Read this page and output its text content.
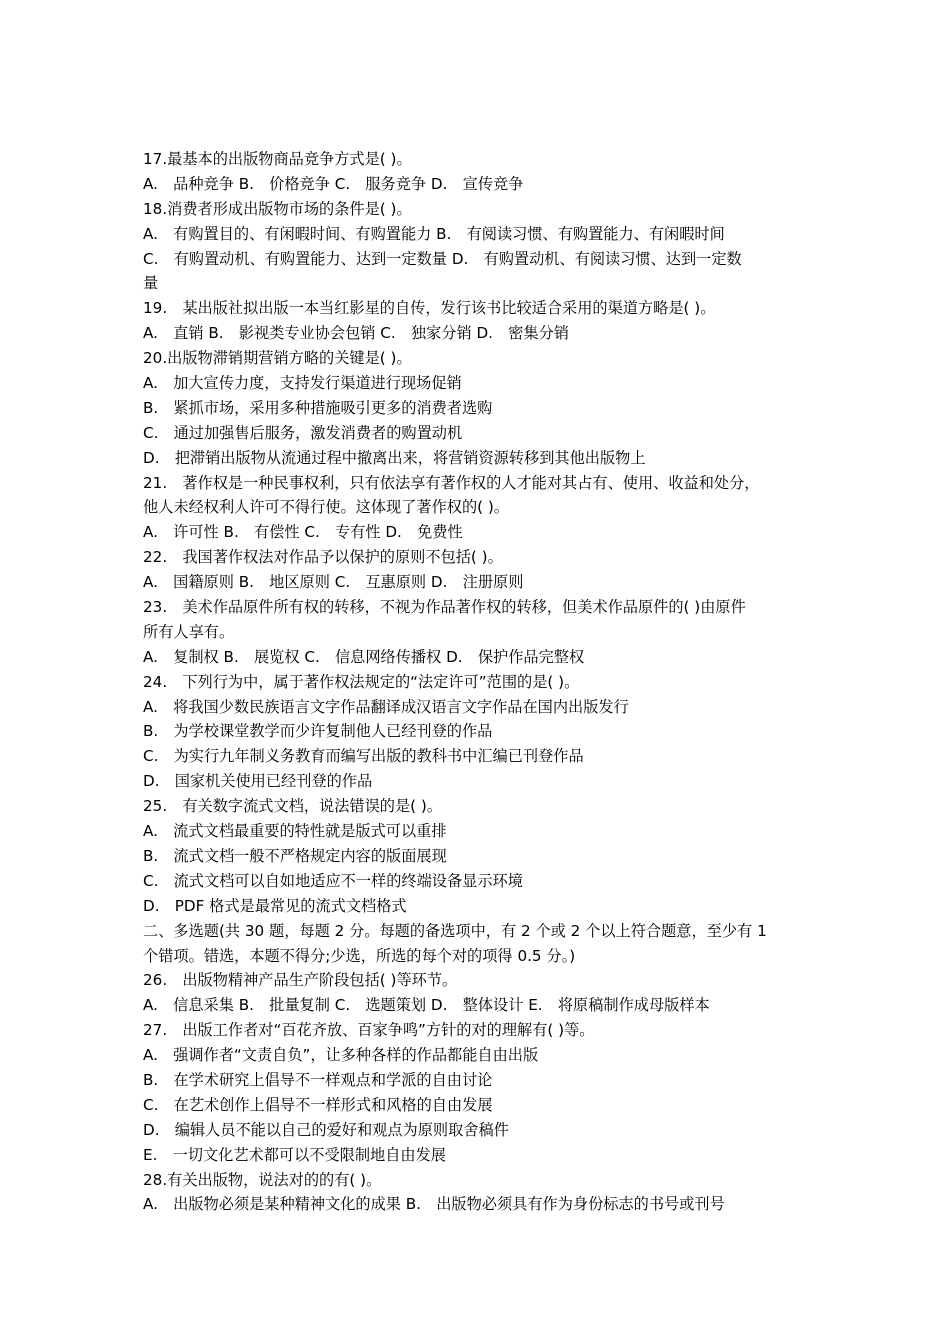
17.最基本的出版物商品竞争方式是( )。
A.　品种竞争 B.　价格竞争 C.　服务竞争 D.　宣传竞争
18.消费者形成出版物市场的条件是( )。
A.　有购置目的、有闲暇时间、有购置能力 B.　有阅读习惯、有购置能力、有闲暇时间
C.　有购置动机、有购置能力、达到一定数量 D.　有购置动机、有阅读习惯、达到一定数
量
19.　某出版社拟出版一本当红影星的自传，发行该书比较适合采用的渠道方略是( )。
A.　直销 B.　影视类专业协会包销 C.　独家分销 D.　密集分销
20.出版物滞销期营销方略的关键是( )。
A.　加大宣传力度，支持发行渠道进行现场促销
B.　紧抓市场，采用多种措施吸引更多的消费者选购
C.　通过加强售后服务，激发消费者的购置动机
D.　把滞销出版物从流通过程中撤离出来，将营销资源转移到其他出版物上
21.　著作权是一种民事权利，只有依法享有著作权的人才能对其占有、使用、收益和处分，
他人未经权利人许可不得行使。这体现了著作权的( )。
A.　许可性 B.　有偿性 C.　专有性 D.　免费性
22.　我国著作权法对作品予以保护的原则不包括( )。
A.　国籍原则 B.　地区原则 C.　互惠原则 D.　注册原则
23.　美术作品原件所有权的转移，不视为作品著作权的转移，但美术作品原件的( )由原件
所有人享有。
A.　复制权 B.　展览权 C.　信息网络传播权 D.　保护作品完整权
24.　下列行为中，属于著作权法规定的“法定许可”范围的是( )。
A.　将我国少数民族语言文字作品翻译成汉语言文字作品在国内出版发行
B.　为学校课堂教学而少许复制他人已经刊登的作品
C.　为实行九年制义务教育而编写出版的教科书中汇编已刊登作品
D.　国家机关使用已经刊登的作品
25.　有关数字流式文档，说法错误的是( )。
A.　流式文档最重要的特性就是版式可以重排
B.　流式文档一般不严格规定内容的版面展现
C.　流式文档可以自如地适应不一样的终端设备显示环境
D.　PDF 格式是最常见的流式文档格式
二、多选题(共 30 题，每题 2 分。每题的备选项中，有 2 个或 2 个以上符合题意，至少有 1
个错项。错选，本题不得分;少选，所选的每个对的项得 0.5 分。)
26.　出版物精神产品生产阶段包括( )等环节。
A.　信息采集 B.　批量复制 C.　选题策划 D.　整体设计 E.　将原稿制作成母版样本
27.　出版工作者对“百花齐放、百家争鸣”方针的对的理解有( )等。
A.　强调作者“文责自负”，让多种各样的作品都能自由出版
B.　在学术研究上倡导不一样观点和学派的自由讨论
C.　在艺术创作上倡导不一样形式和风格的自由发展
D.　编辑人员不能以自己的爱好和观点为原则取舍稿件
E.　一切文化艺术都可以不受限制地自由发展
28.有关出版物，说法对的的有( )。
A.　出版物必须是某种精神文化的成果 B.　出版物必须具有作为身份标志的书号或刊号
